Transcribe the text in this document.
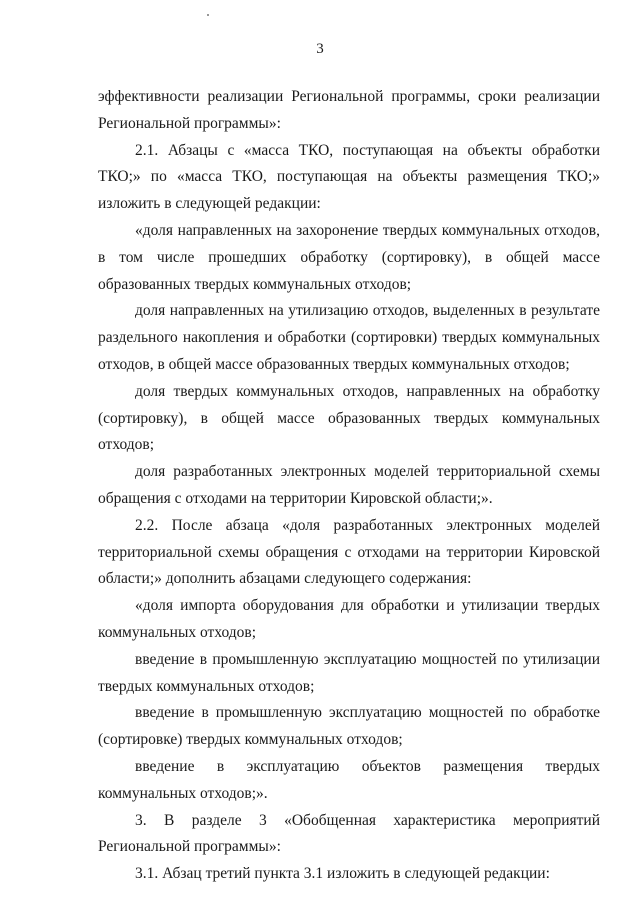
3

эффективности реализации Региональной программы, сроки реализации Региональной программы»:

2.1. Абзацы с «масса ТКО, поступающая на объекты обработки ТКО;» по «масса ТКО, поступающая на объекты размещения ТКО;» изложить в следующей редакции:

«доля направленных на захоронение твердых коммунальных отходов, в том числе прошедших обработку (сортировку), в общей массе образованных твердых коммунальных отходов;

доля направленных на утилизацию отходов, выделенных в результате раздельного накопления и обработки (сортировки) твердых коммунальных отходов, в общей массе образованных твердых коммунальных отходов;

доля твердых коммунальных отходов, направленных на обработку (сортировку), в общей массе образованных твердых коммунальных отходов;

доля разработанных электронных моделей территориальной схемы обращения с отходами на территории Кировской области;».

2.2. После абзаца «доля разработанных электронных моделей территориальной схемы обращения с отходами на территории Кировской области;» дополнить абзацами следующего содержания:

«доля импорта оборудования для обработки и утилизации твердых коммунальных отходов;

введение в промышленную эксплуатацию мощностей по утилизации твердых коммунальных отходов;

введение в промышленную эксплуатацию мощностей по обработке (сортировке) твердых коммунальных отходов;

введение в эксплуатацию объектов размещения твердых коммунальных отходов;».

3. В разделе 3 «Обобщенная характеристика мероприятий Региональной программы»:

3.1. Абзац третий пункта 3.1 изложить в следующей редакции:
